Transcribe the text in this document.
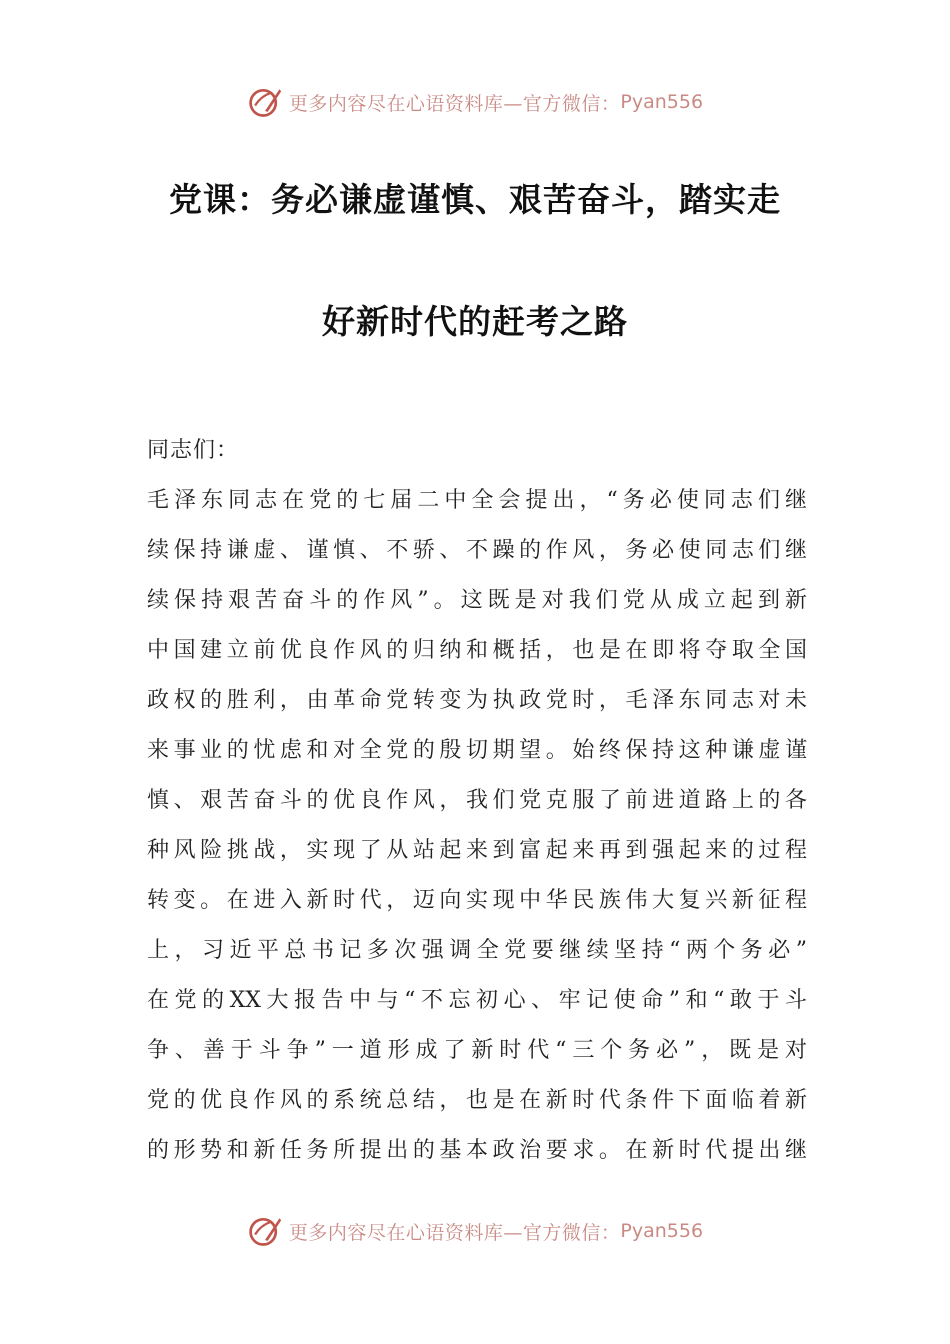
更多内容尽在心语资料库—官方微信： Pyan556
党课：务必谦虚谨慎、艰苦奋斗，踏实走
好新时代的赶考之路
同志们：
毛泽东同志在党的七届二中全会提出，“务必使同志们继
续保持谦虚、谨慎、不骄、不躁的作风，务必使同志们继
续保持艰苦奋斗的作风”。这既是对我们党从成立起到新
中国建立前优良作风的归纳和概括，也是在即将夺取全国
政权的胜利，由革命党转变为执政党时，毛泽东同志对未
来事业的忧虑和对全党的殷切期望。始终保持这种谦虚谨
慎、艰苦奋斗的优良作风，我们党克服了前进道路上的各
种风险挑战，实现了从站起来到富起来再到强起来的过程
转变。在进入新时代，迈向实现中华民族伟大复兴新征程
上，习近平总书记多次强调全党要继续坚持“两个务必”
在党的XX大报告中与“不忘初心、牢记使命”和“敢于斗
争、善于斗争”一道形成了新时代“三个务必”，既是对
党的优良作风的系统总结，也是在新时代条件下面临着新
的形势和新任务所提出的基本政治要求。在新时代提出继
更多内容尽在心语资料库—官方微信： Pyan556
